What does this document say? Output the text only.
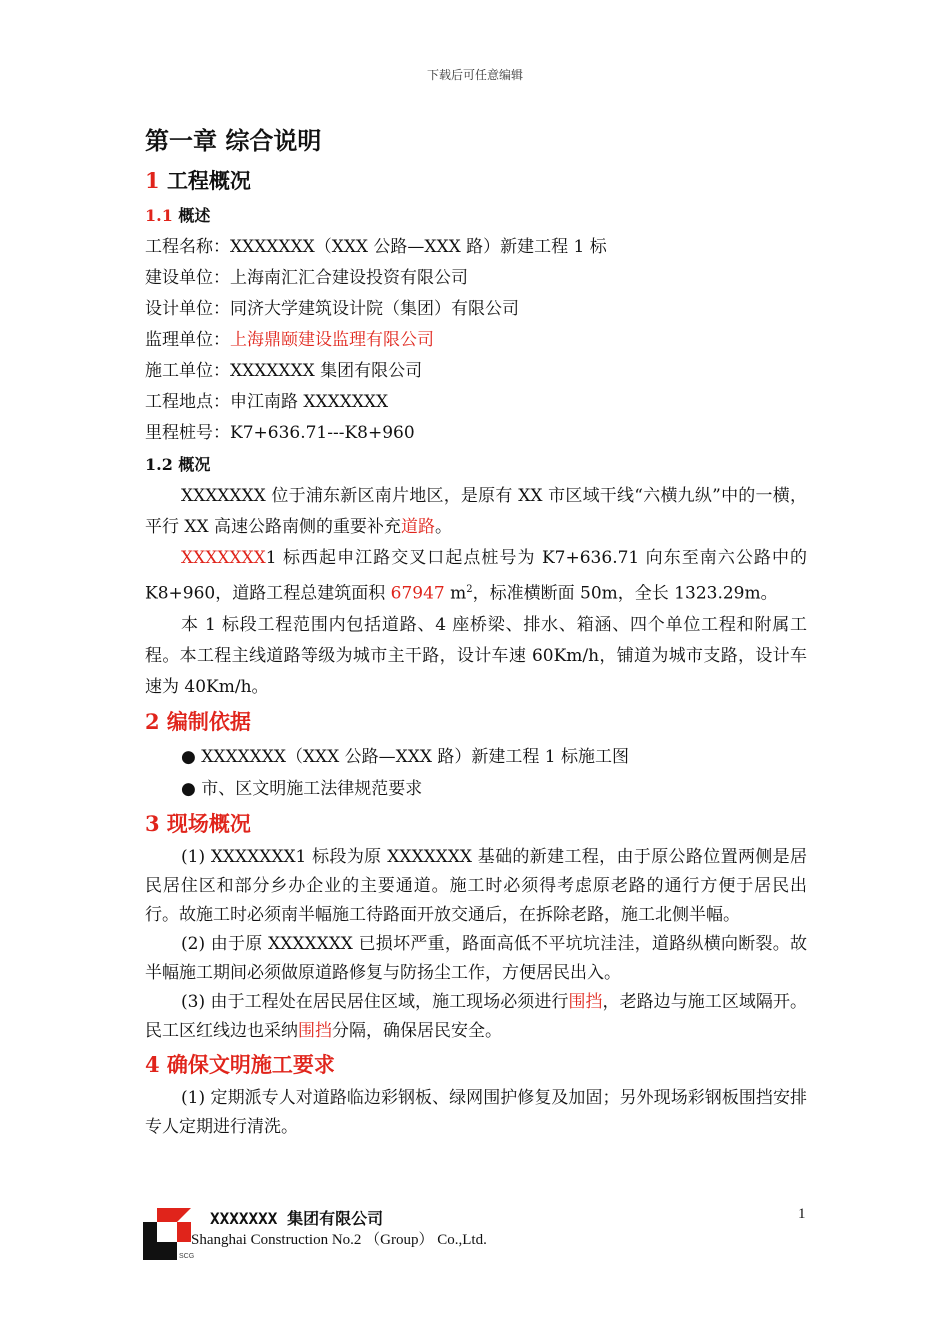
下载后可任意编辑
第一章 综合说明
1 工程概况
1.1 概述

工程名称：XXXXXXX（XXX 公路—XXX 路）新建工程 1 标

建设单位：上海南汇汇合建设投资有限公司

设计单位：同济大学建筑设计院（集团）有限公司

监理单位：上海鼎颐建设监理有限公司

施工单位：XXXXXXX 集团有限公司

工程地点：申江南路 XXXXXXX

里程桩号：K7+636.71---K8+960

1.2 概况

XXXXXXX 位于浦东新区南片地区，是原有 XX 市区域干线“六横九纵”中的一横，平行 XX 高速公路南侧的重要补充道路。

XXXXXXX1 标西起申江路交叉口起点桩号为 K7+636.71 向东至南六公路中的 K8+960，道路工程总建筑面积 67947 $m^2$，标准横断面 50m，全长 1323.29m。

本 1 标段工程范围内包括道路、4 座桥梁、排水、箱涵、四个单位工程和附属工程。本工程主线道路等级为城市主干路，设计车速 60Km/h，铺道为城市支路，设计车速为 40Km/h。

2 编制依据

● XXXXXXX（XXX 公路—XXX 路）新建工程 1 标施工图

● 市、区文明施工法律规范要求

3 现场概况

(1) XXXXXXX1 标段为原 XXXXXXX 基础的新建工程，由于原公路位置两侧是居民居住区和部分乡办企业的主要通道。施工时必须得考虑原老路的通行方便于居民出行。故施工时必须南半幅施工待路面开放交通后，在拆除老路，施工北侧半幅。

(2) 由于原 XXXXXXX 已损坏严重，路面高低不平坑坑洼洼，道路纵横向断裂。故半幅施工期间必须做原道路修复与防扬尘工作，方便居民出入。

(3) 由于工程处在居民居住区域，施工现场必须进行围挡，老路边与施工区域隔开。民工区红线边也采纳围挡分隔，确保居民安全。

4 确保文明施工要求

(1) 定期派专人对道路临边彩钢板、绿网围护修复及加固；另外现场彩钢板围挡安排专人定期进行清洗。

SCG
XXXXXXX 集团有限公司
Shanghai Construction No.2 （Group） Co.,Ltd.
1
